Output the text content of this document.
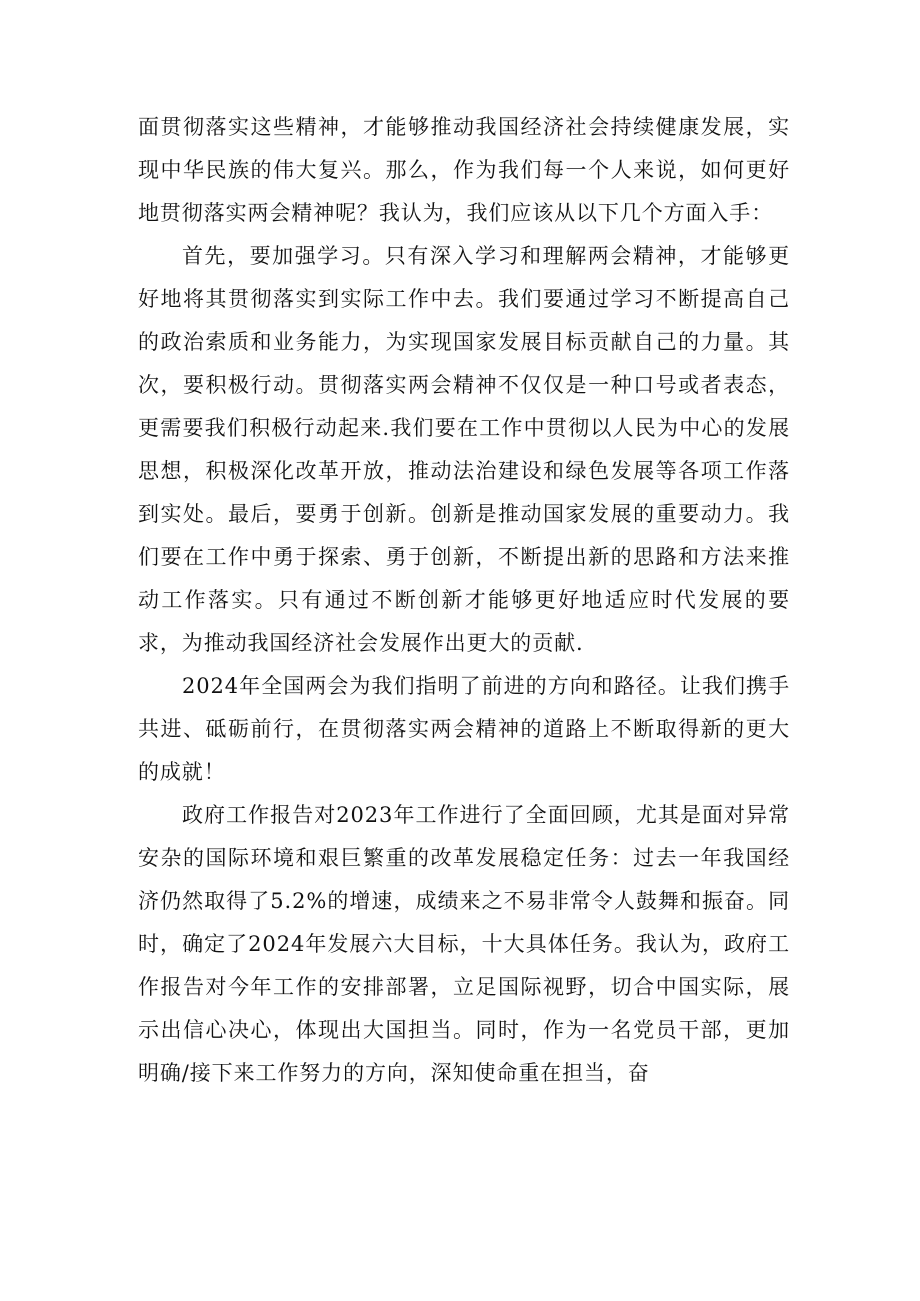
面贯彻落实这些精神，才能够推动我国经济社会持续健康发展，实现中华民族的伟大复兴。那么，作为我们每一个人来说，如何更好地贯彻落实两会精神呢？我认为，我们应该从以下几个方面入手：

首先，要加强学习。只有深入学习和理解两会精神，才能够更好地将其贯彻落实到实际工作中去。我们要通过学习不断提高自己的政治索质和业务能力，为实现国家发展目标贡献自己的力量。其次，要积极行动。贯彻落实两会精神不仅仅是一种口号或者表态，更需要我们积极行动起来.我们要在工作中贯彻以人民为中心的发展思想，积极深化改革开放，推动法治建设和绿色发展等各项工作落到实处。最后，要勇于创新。创新是推动国家发展的重要动力。我们要在工作中勇于探索、勇于创新，不断提出新的思路和方法来推动工作落实。只有通过不断创新才能够更好地适应时代发展的要求，为推动我国经济社会发展作出更大的贡献.

2024年全国两会为我们指明了前进的方向和路径。让我们携手共进、砥砺前行，在贯彻落实两会精神的道路上不断取得新的更大的成就！

政府工作报告对2023年工作进行了全面回顾，尤其是面对异常安杂的国际环境和艰巨繁重的改革发展稳定任务：过去一年我国经济仍然取得了5.2%的增速，成绩来之不易非常令人鼓舞和振奋。同时，确定了2024年发展六大目标，十大具体任务。我认为，政府工作报告对今年工作的安排部署，立足国际视野，切合中国实际，展示出信心决心，体现出大国担当。同时，作为一名党员干部，更加明确/接下来工作努力的方向，深知使命重在担当，奋
